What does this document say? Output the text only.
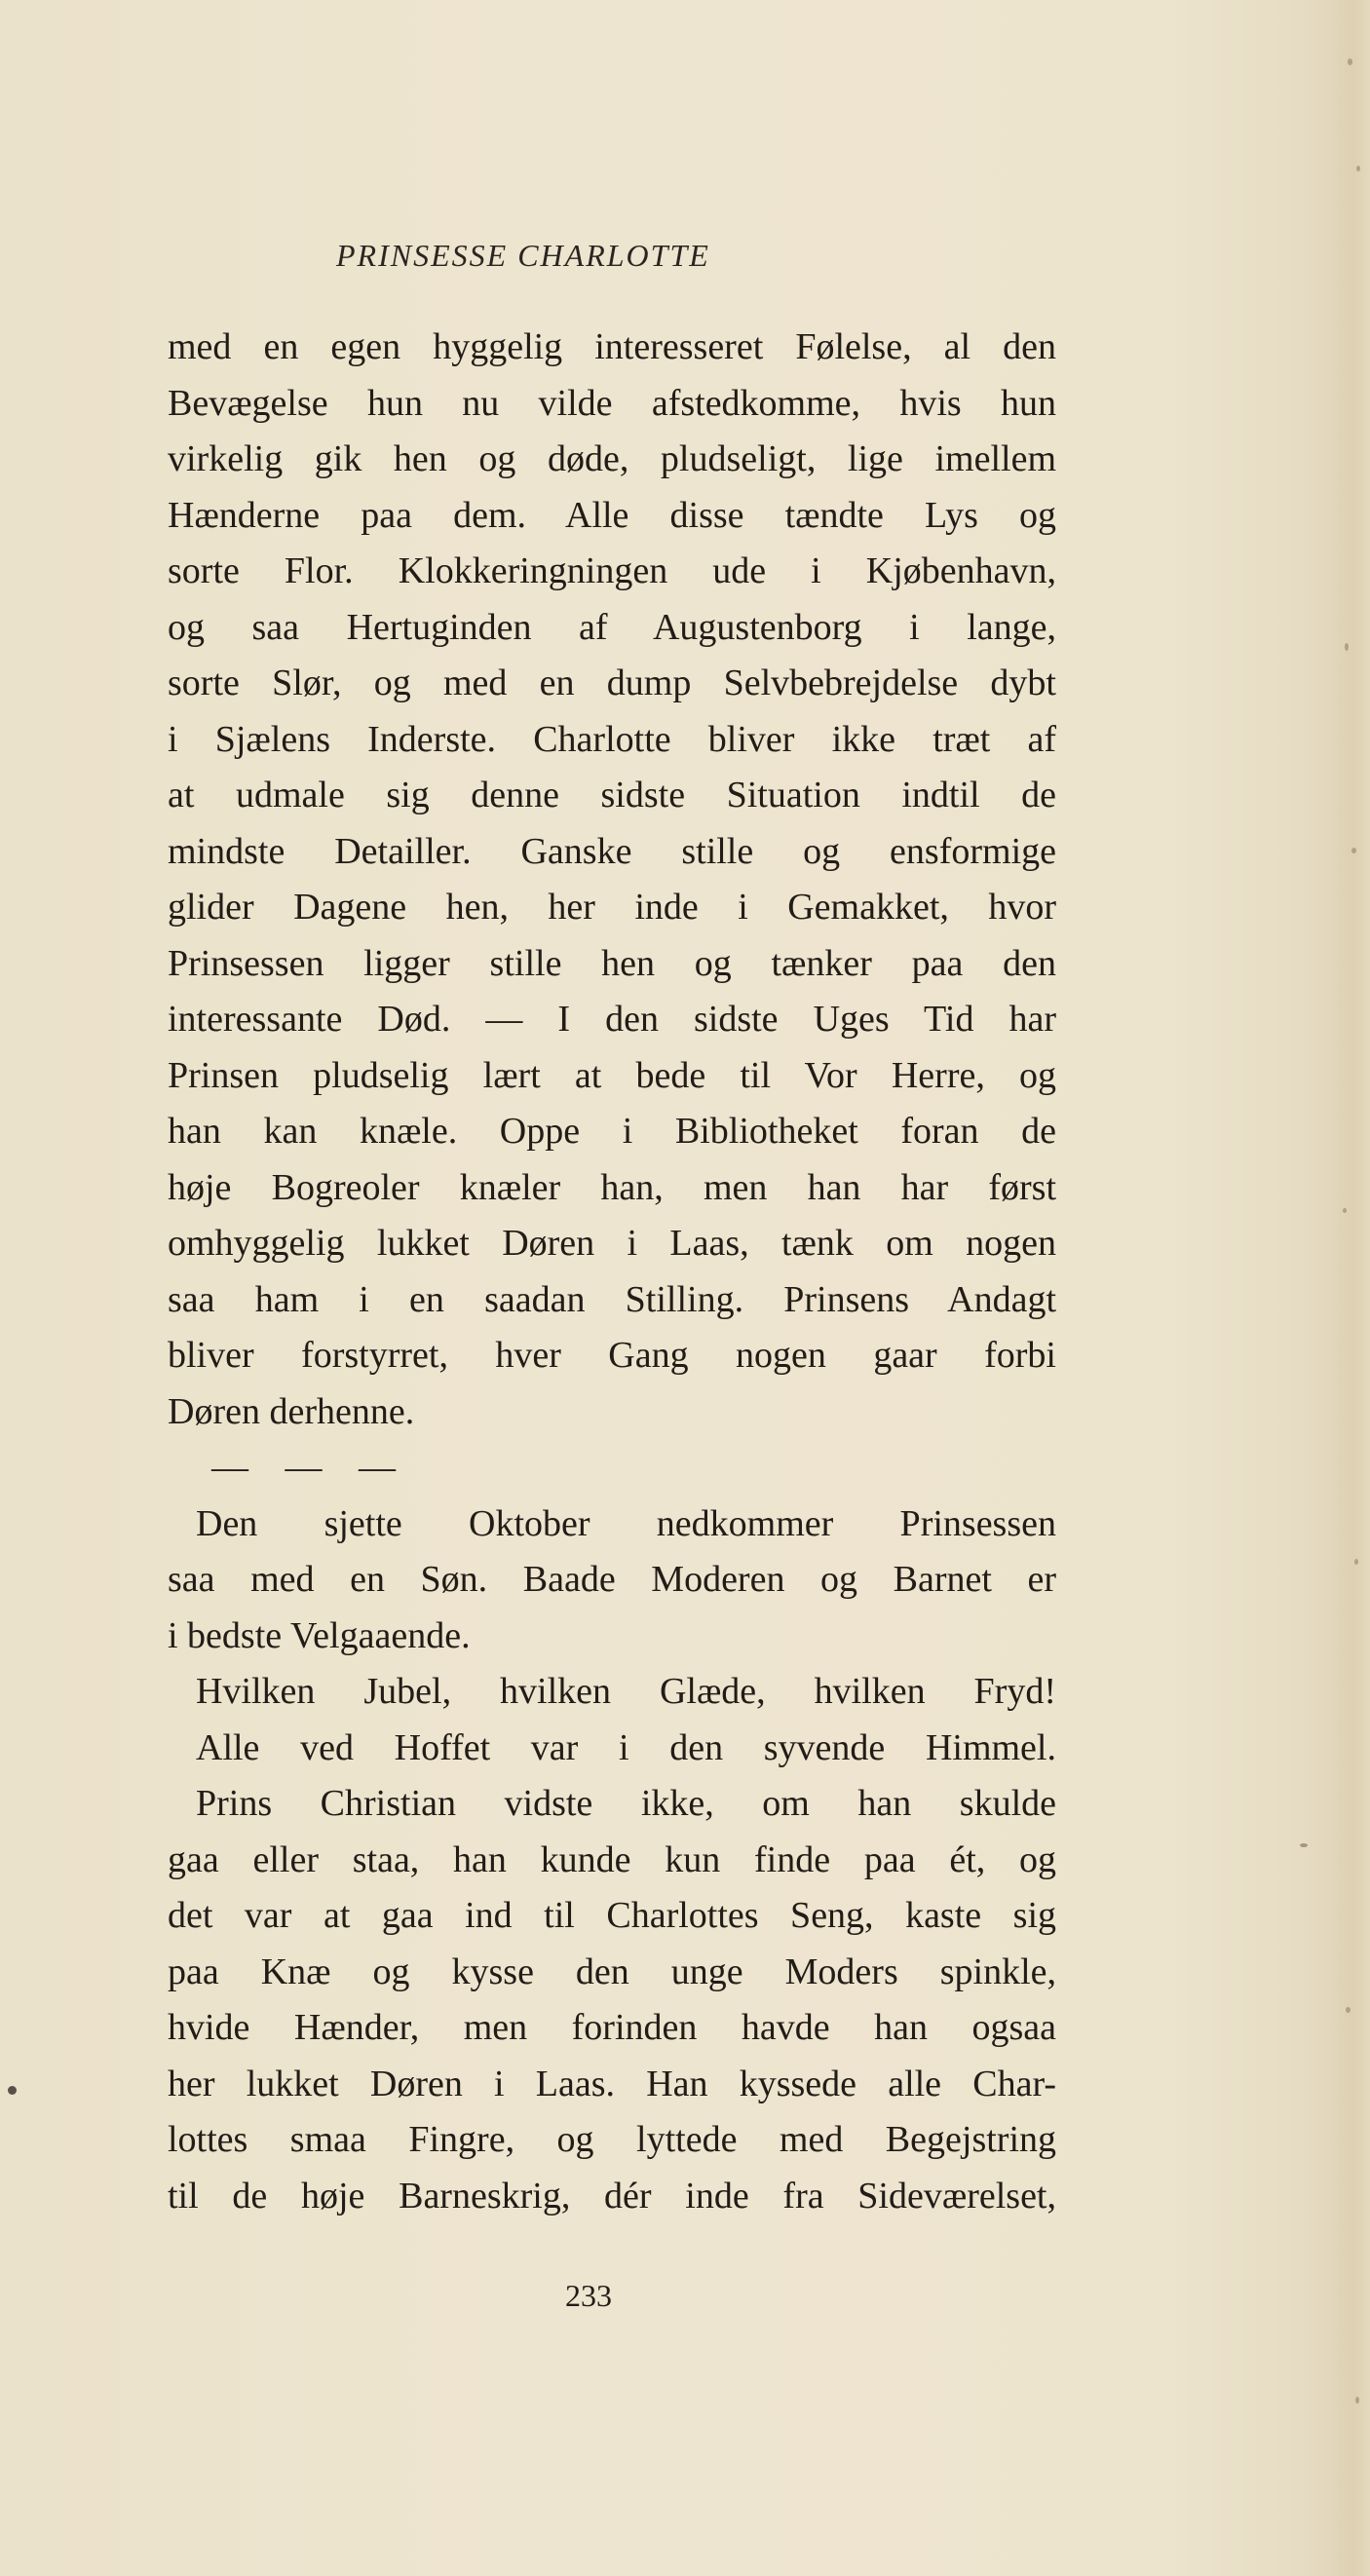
PRINSESSE CHARLOTTE
med en egen hyggelig interesseret Følelse, al den
Bevægelse hun nu vilde afstedkomme, hvis hun
virkelig gik hen og døde, pludseligt, lige imellem
Hænderne paa dem. Alle disse tændte Lys og
sorte Flor. Klokkeringningen ude i Kjøbenhavn,
og saa Hertuginden af Augustenborg i lange,
sorte Slør, og med en dump Selvbebrejdelse dybt
i Sjælens Inderste. Charlotte bliver ikke træt af
at udmale sig denne sidste Situation indtil de
mindste Detailler. Ganske stille og ensformige
glider Dagene hen, her inde i Gemakket, hvor
Prinsessen ligger stille hen og tænker paa den
interessante Død. — I den sidste Uges Tid har
Prinsen pludselig lært at bede til Vor Herre, og
han kan knæle. Oppe i Bibliotheket foran de
høje Bogreoler knæler han, men han har først
omhyggelig lukket Døren i Laas, tænk om nogen
saa ham i en saadan Stilling. Prinsens Andagt
bliver forstyrret, hver Gang nogen gaar forbi
Døren derhenne.
— — —
Den sjette Oktober nedkommer Prinsessen
saa med en Søn. Baade Moderen og Barnet er
i bedste Velgaaende.
Hvilken Jubel, hvilken Glæde, hvilken Fryd!
Alle ved Hoffet var i den syvende Himmel.
Prins Christian vidste ikke, om han skulde
gaa eller staa, han kunde kun finde paa ét, og
det var at gaa ind til Charlottes Seng, kaste sig
paa Knæ og kysse den unge Moders spinkle,
hvide Hænder, men forinden havde han ogsaa
her lukket Døren i Laas. Han kyssede alle Char-
lottes smaa Fingre, og lyttede med Begejstring
til de høje Barneskrig, dér inde fra Sideværelset,
233
